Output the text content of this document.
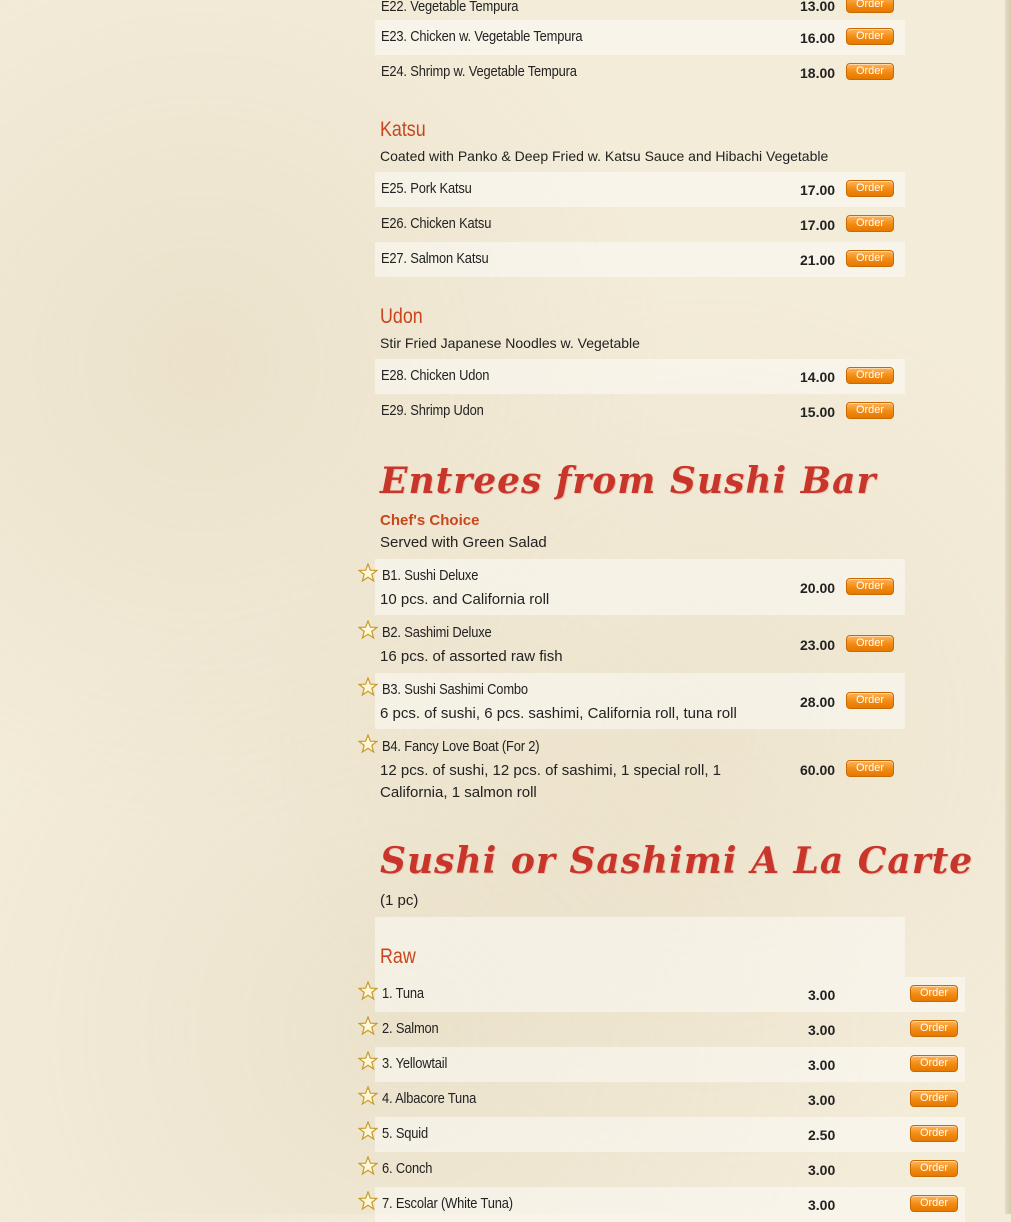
E22. Vegetable Tempura	13.00	Order
E23. Chicken w. Vegetable Tempura	16.00	Order
E24. Shrimp w. Vegetable Tempura	18.00	Order
Katsu
Coated with Panko & Deep Fried w. Katsu Sauce and Hibachi Vegetable
E25. Pork Katsu	17.00	Order
E26. Chicken Katsu	17.00	Order
E27. Salmon Katsu	21.00	Order
Udon
Stir Fried Japanese Noodles w. Vegetable
E28. Chicken Udon	14.00	Order
E29. Shrimp Udon	15.00	Order
Entrees from Sushi Bar
Chef's Choice
Served with Green Salad
B1. Sushi Deluxe
10 pcs. and California roll
20.00	Order
B2. Sashimi Deluxe
16 pcs. of assorted raw fish
23.00	Order
B3. Sushi Sashimi Combo
6 pcs. of sushi, 6 pcs. sashimi, California roll, tuna roll
28.00	Order
B4. Fancy Love Boat (For 2)
12 pcs. of sushi, 12 pcs. of sashimi, 1 special roll, 1
California, 1 salmon roll
60.00	Order
Sushi or Sashimi A La Carte
(1 pc)
Raw
1. Tuna	3.00	Order
2. Salmon	3.00	Order
3. Yellowtail	3.00	Order
4. Albacore Tuna	3.00	Order
5. Squid	2.50	Order
6. Conch	3.00	Order
7. Escolar (White Tuna)	3.00	Order
